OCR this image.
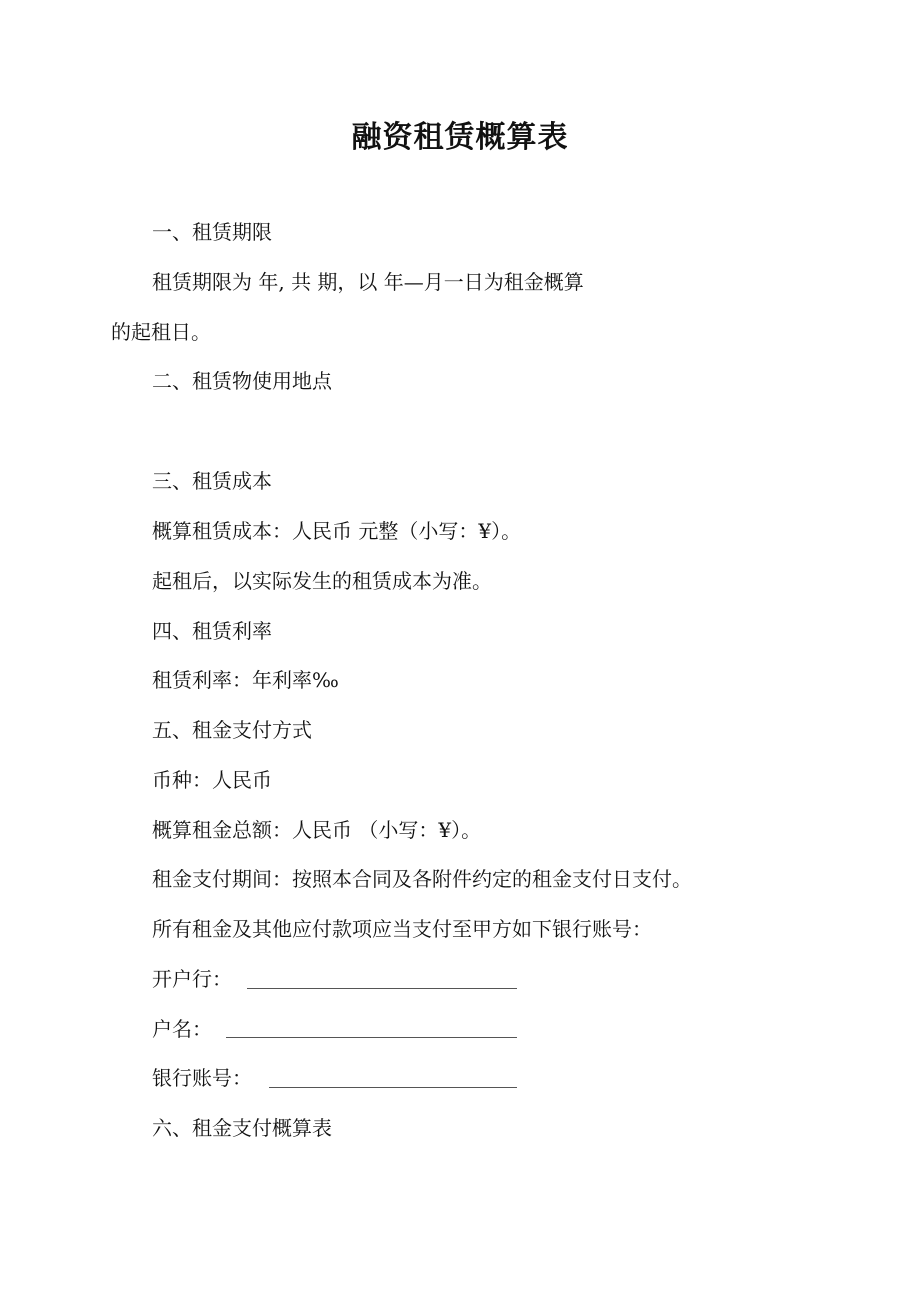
融资租赁概算表
一、租赁期限
租赁期限为 年, 共 期，以 年—月一日为租金概算
的起租日。
二、租赁物使用地点
三、租赁成本
概算租赁成本：人民币 元整（小写：¥）。
起租后，以实际发生的租赁成本为准。
四、租赁利率
租赁利率：年利率‰
五、租金支付方式
币种：人民币
概算租金总额：人民币 （小写：¥）。
租金支付期间：按照本合同及各附件约定的租金支付日支付。
所有租金及其他应付款项应当支付至甲方如下银行账号：
开户行：
户名：
银行账号：
六、租金支付概算表
